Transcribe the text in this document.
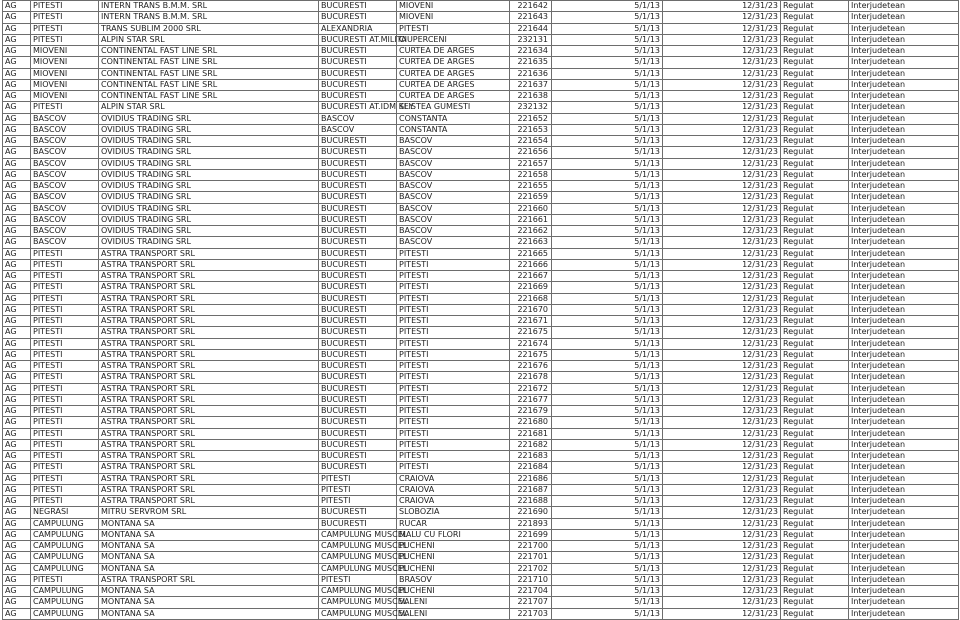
AG	PITESTI	INTERN TRANS B.M.M. SRL	BUCURESTI	MIOVENI	221642	5/1/13	12/31/23	Regulat	Interjudetean
AG	PITESTI	INTERN TRANS B.M.M. SRL	BUCURESTI	MIOVENI	221643	5/1/13	12/31/23	Regulat	Interjudetean
AG	PITESTI	TRANS SUBLIM 2000 SRL	ALEXANDRIA	PITESTI	221644	5/1/13	12/31/23	Regulat	Interjudetean
AG	PITESTI	ALPIN STAR SRL	BUCURESTI AT.MILITA	CIUPERCENI	232131	5/1/13	12/31/23	Regulat	Interjudetean
AG	MIOVENI	CONTINENTAL FAST LINE SRL	BUCURESTI	CURTEA DE ARGES	221634	5/1/13	12/31/23	Regulat	Interjudetean
AG	MIOVENI	CONTINENTAL FAST LINE SRL	BUCURESTI	CURTEA DE ARGES	221635	5/1/13	12/31/23	Regulat	Interjudetean
AG	MIOVENI	CONTINENTAL FAST LINE SRL	BUCURESTI	CURTEA DE ARGES	221636	5/1/13	12/31/23	Regulat	Interjudetean
AG	MIOVENI	CONTINENTAL FAST LINE SRL	BUCURESTI	CURTEA DE ARGES	221637	5/1/13	12/31/23	Regulat	Interjudetean
AG	MIOVENI	CONTINENTAL FAST LINE SRL	BUCURESTI	CURTEA DE ARGES	221638	5/1/13	12/31/23	Regulat	Interjudetean
AG	PITESTI	ALPIN STAR SRL	BUCURESTI AT.IDM KEY	SLISTEA GUMESTI	232132	5/1/13	12/31/23	Regulat	Interjudetean
AG	BASCOV	OVIDIUS TRADING SRL	BASCOV	CONSTANTA	221652	5/1/13	12/31/23	Regulat	Interjudetean
AG	BASCOV	OVIDIUS TRADING SRL	BASCOV	CONSTANTA	221653	5/1/13	12/31/23	Regulat	Interjudetean
AG	BASCOV	OVIDIUS TRADING SRL	BUCURESTI	BASCOV	221654	5/1/13	12/31/23	Regulat	Interjudetean
AG	BASCOV	OVIDIUS TRADING SRL	BUCURESTI	BASCOV	221656	5/1/13	12/31/23	Regulat	Interjudetean
AG	BASCOV	OVIDIUS TRADING SRL	BUCURESTI	BASCOV	221657	5/1/13	12/31/23	Regulat	Interjudetean
AG	BASCOV	OVIDIUS TRADING SRL	BUCURESTI	BASCOV	221658	5/1/13	12/31/23	Regulat	Interjudetean
AG	BASCOV	OVIDIUS TRADING SRL	BUCURESTI	BASCOV	221655	5/1/13	12/31/23	Regulat	Interjudetean
AG	BASCOV	OVIDIUS TRADING SRL	BUCURESTI	BASCOV	221659	5/1/13	12/31/23	Regulat	Interjudetean
AG	BASCOV	OVIDIUS TRADING SRL	BUCURESTI	BASCOV	221660	5/1/13	12/31/23	Regulat	Interjudetean
AG	BASCOV	OVIDIUS TRADING SRL	BUCURESTI	BASCOV	221661	5/1/13	12/31/23	Regulat	Interjudetean
AG	BASCOV	OVIDIUS TRADING SRL	BUCURESTI	BASCOV	221662	5/1/13	12/31/23	Regulat	Interjudetean
AG	BASCOV	OVIDIUS TRADING SRL	BUCURESTI	BASCOV	221663	5/1/13	12/31/23	Regulat	Interjudetean
AG	PITESTI	ASTRA TRANSPORT SRL	BUCURESTI	PITESTI	221665	5/1/13	12/31/23	Regulat	Interjudetean
AG	PITESTI	ASTRA TRANSPORT SRL	BUCURESTI	PITESTI	221666	5/1/13	12/31/23	Regulat	Interjudetean
AG	PITESTI	ASTRA TRANSPORT SRL	BUCURESTI	PITESTI	221667	5/1/13	12/31/23	Regulat	Interjudetean
AG	PITESTI	ASTRA TRANSPORT SRL	BUCURESTI	PITESTI	221669	5/1/13	12/31/23	Regulat	Interjudetean
AG	PITESTI	ASTRA TRANSPORT SRL	BUCURESTI	PITESTI	221668	5/1/13	12/31/23	Regulat	Interjudetean
AG	PITESTI	ASTRA TRANSPORT SRL	BUCURESTI	PITESTI	221670	5/1/13	12/31/23	Regulat	Interjudetean
AG	PITESTI	ASTRA TRANSPORT SRL	BUCURESTI	PITESTI	221671	5/1/13	12/31/23	Regulat	Interjudetean
AG	PITESTI	ASTRA TRANSPORT SRL	BUCURESTI	PITESTI	221675	5/1/13	12/31/23	Regulat	Interjudetean
AG	PITESTI	ASTRA TRANSPORT SRL	BUCURESTI	PITESTI	221674	5/1/13	12/31/23	Regulat	Interjudetean
AG	PITESTI	ASTRA TRANSPORT SRL	BUCURESTI	PITESTI	221675	5/1/13	12/31/23	Regulat	Interjudetean
AG	PITESTI	ASTRA TRANSPORT SRL	BUCURESTI	PITESTI	221676	5/1/13	12/31/23	Regulat	Interjudetean
AG	PITESTI	ASTRA TRANSPORT SRL	BUCURESTI	PITESTI	221678	5/1/13	12/31/23	Regulat	Interjudetean
AG	PITESTI	ASTRA TRANSPORT SRL	BUCURESTI	PITESTI	221672	5/1/13	12/31/23	Regulat	Interjudetean
AG	PITESTI	ASTRA TRANSPORT SRL	BUCURESTI	PITESTI	221677	5/1/13	12/31/23	Regulat	Interjudetean
AG	PITESTI	ASTRA TRANSPORT SRL	BUCURESTI	PITESTI	221679	5/1/13	12/31/23	Regulat	Interjudetean
AG	PITESTI	ASTRA TRANSPORT SRL	BUCURESTI	PITESTI	221680	5/1/13	12/31/23	Regulat	Interjudetean
AG	PITESTI	ASTRA TRANSPORT SRL	BUCURESTI	PITESTI	221681	5/1/13	12/31/23	Regulat	Interjudetean
AG	PITESTI	ASTRA TRANSPORT SRL	BUCURESTI	PITESTI	221682	5/1/13	12/31/23	Regulat	Interjudetean
AG	PITESTI	ASTRA TRANSPORT SRL	BUCURESTI	PITESTI	221683	5/1/13	12/31/23	Regulat	Interjudetean
AG	PITESTI	ASTRA TRANSPORT SRL	BUCURESTI	PITESTI	221684	5/1/13	12/31/23	Regulat	Interjudetean
AG	PITESTI	ASTRA TRANSPORT SRL	PITESTI	CRAIOVA	221686	5/1/13	12/31/23	Regulat	Interjudetean
AG	PITESTI	ASTRA TRANSPORT SRL	PITESTI	CRAIOVA	221687	5/1/13	12/31/23	Regulat	Interjudetean
AG	PITESTI	ASTRA TRANSPORT SRL	PITESTI	CRAIOVA	221688	5/1/13	12/31/23	Regulat	Interjudetean
AG	NEGRASI	MITRU SERVROM SRL	BUCURESTI	SLOBOZIA	221690	5/1/13	12/31/23	Regulat	Interjudetean
AG	CAMPULUNG	MONTANA SA	BUCURESTI	RUCAR	221893	5/1/13	12/31/23	Regulat	Interjudetean
AG	CAMPULUNG	MONTANA SA	CAMPULUNG MUSCEL	MALU CU FLORI	221699	5/1/13	12/31/23	Regulat	Interjudetean
AG	CAMPULUNG	MONTANA SA	CAMPULUNG MUSCEL	PUCHENI	221700	5/1/13	12/31/23	Regulat	Interjudetean
AG	CAMPULUNG	MONTANA SA	CAMPULUNG MUSCEL	PUCHENI	221701	5/1/13	12/31/23	Regulat	Interjudetean
AG	CAMPULUNG	MONTANA SA	CAMPULUNG MUSCEL	PUCHENI	221702	5/1/13	12/31/23	Regulat	Interjudetean
AG	PITESTI	ASTRA TRANSPORT SRL	PITESTI	BRASOV	221710	5/1/13	12/31/23	Regulat	Interjudetean
AG	CAMPULUNG	MONTANA SA	CAMPULUNG MUSCEL	PUCHENI	221704	5/1/13	12/31/23	Regulat	Interjudetean
AG	CAMPULUNG	MONTANA SA	CAMPULUNG MUSCEL	VALENI	221707	5/1/13	12/31/23	Regulat	Interjudetean
AG	CAMPULUNG	MONTANA SA	CAMPULUNG MUSCEL	VALENI	221703	5/1/13	12/31/23	Regulat	Interjudetean
